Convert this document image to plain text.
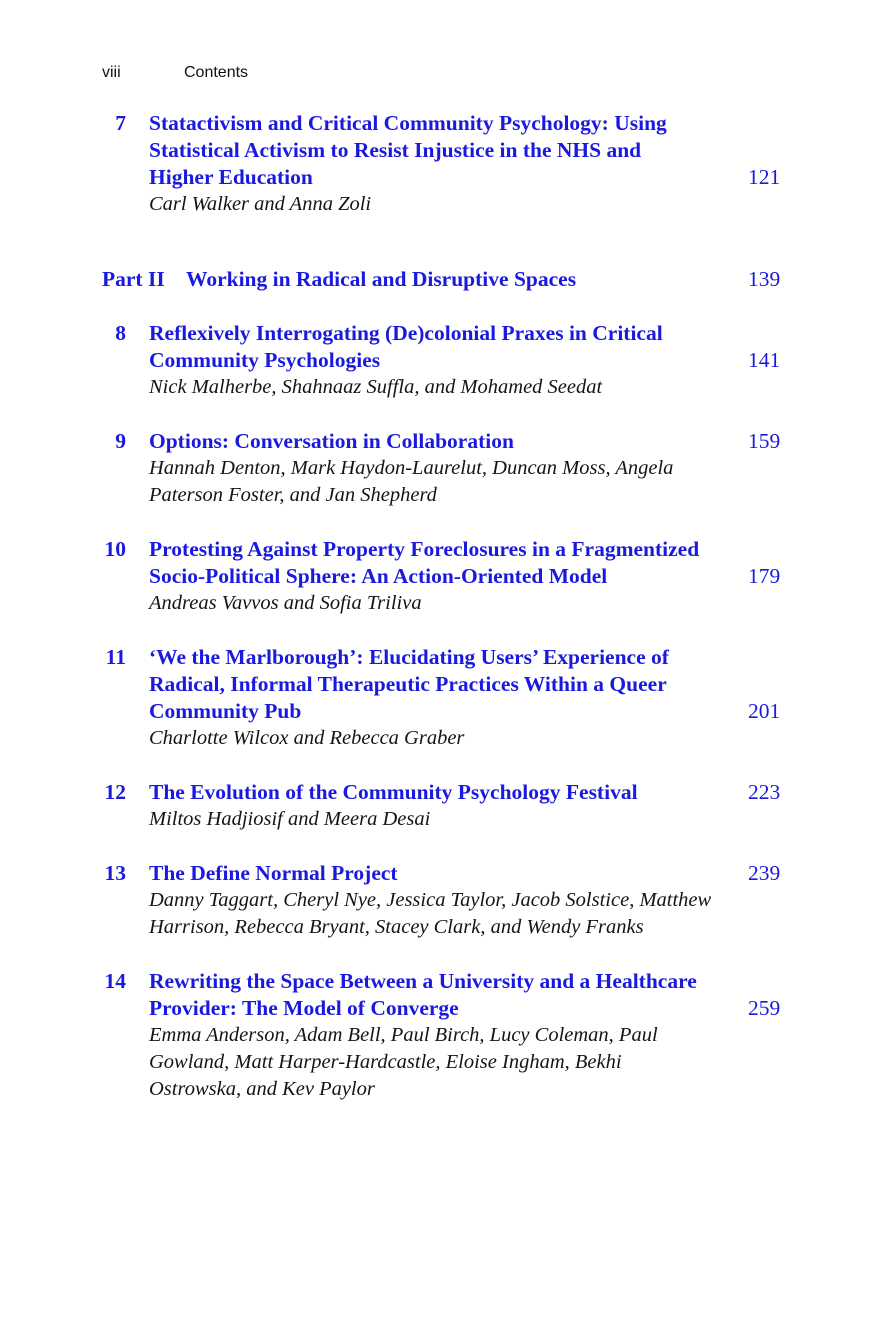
viii	Contents
7 Statactivism and Critical Community Psychology: Using
Statistical Activism to Resist Injustice in the NHS and
Higher Education	121
Carl Walker and Anna Zoli
Part II Working in Radical and Disruptive Spaces	139
8 Reflexively Interrogating (De)colonial Praxes in Critical
Community Psychologies	141
Nick Malherbe, Shahnaaz Suffla, and Mohamed Seedat
9 Options: Conversation in Collaboration	159
Hannah Denton, Mark Haydon-Laurelut, Duncan Moss, Angela
Paterson Foster, and Jan Shepherd
10 Protesting Against Property Foreclosures in a Fragmentized
Socio-Political Sphere: An Action-Oriented Model	179
Andreas Vavvos and Sofia Triliva
11 ‘We the Marlborough’: Elucidating Users’ Experience of
Radical, Informal Therapeutic Practices Within a Queer
Community Pub	201
Charlotte Wilcox and Rebecca Graber
12 The Evolution of the Community Psychology Festival	223
Miltos Hadjiosif and Meera Desai
13 The Define Normal Project	239
Danny Taggart, Cheryl Nye, Jessica Taylor, Jacob Solstice, Matthew
Harrison, Rebecca Bryant, Stacey Clark, and Wendy Franks
14 Rewriting the Space Between a University and a Healthcare
Provider: The Model of Converge	259
Emma Anderson, Adam Bell, Paul Birch, Lucy Coleman, Paul
Gowland, Matt Harper-Hardcastle, Eloise Ingham, Bekhi
Ostrowska, and Kev Paylor
